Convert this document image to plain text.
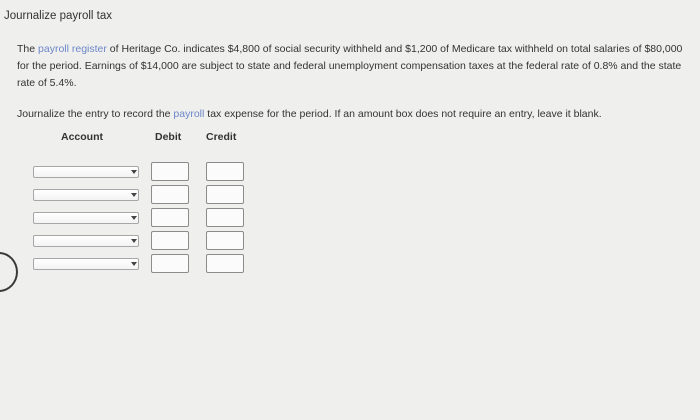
Journalize payroll tax
The payroll register of Heritage Co. indicates $4,800 of social security withheld and $1,200 of Medicare tax withheld on total salaries of $80,000 for the period. Earnings of $14,000 are subject to state and federal unemployment compensation taxes at the federal rate of 0.8% and the state rate of 5.4%.
Journalize the entry to record the payroll tax expense for the period. If an amount box does not require an entry, leave it blank.
Account	Debit Credit
